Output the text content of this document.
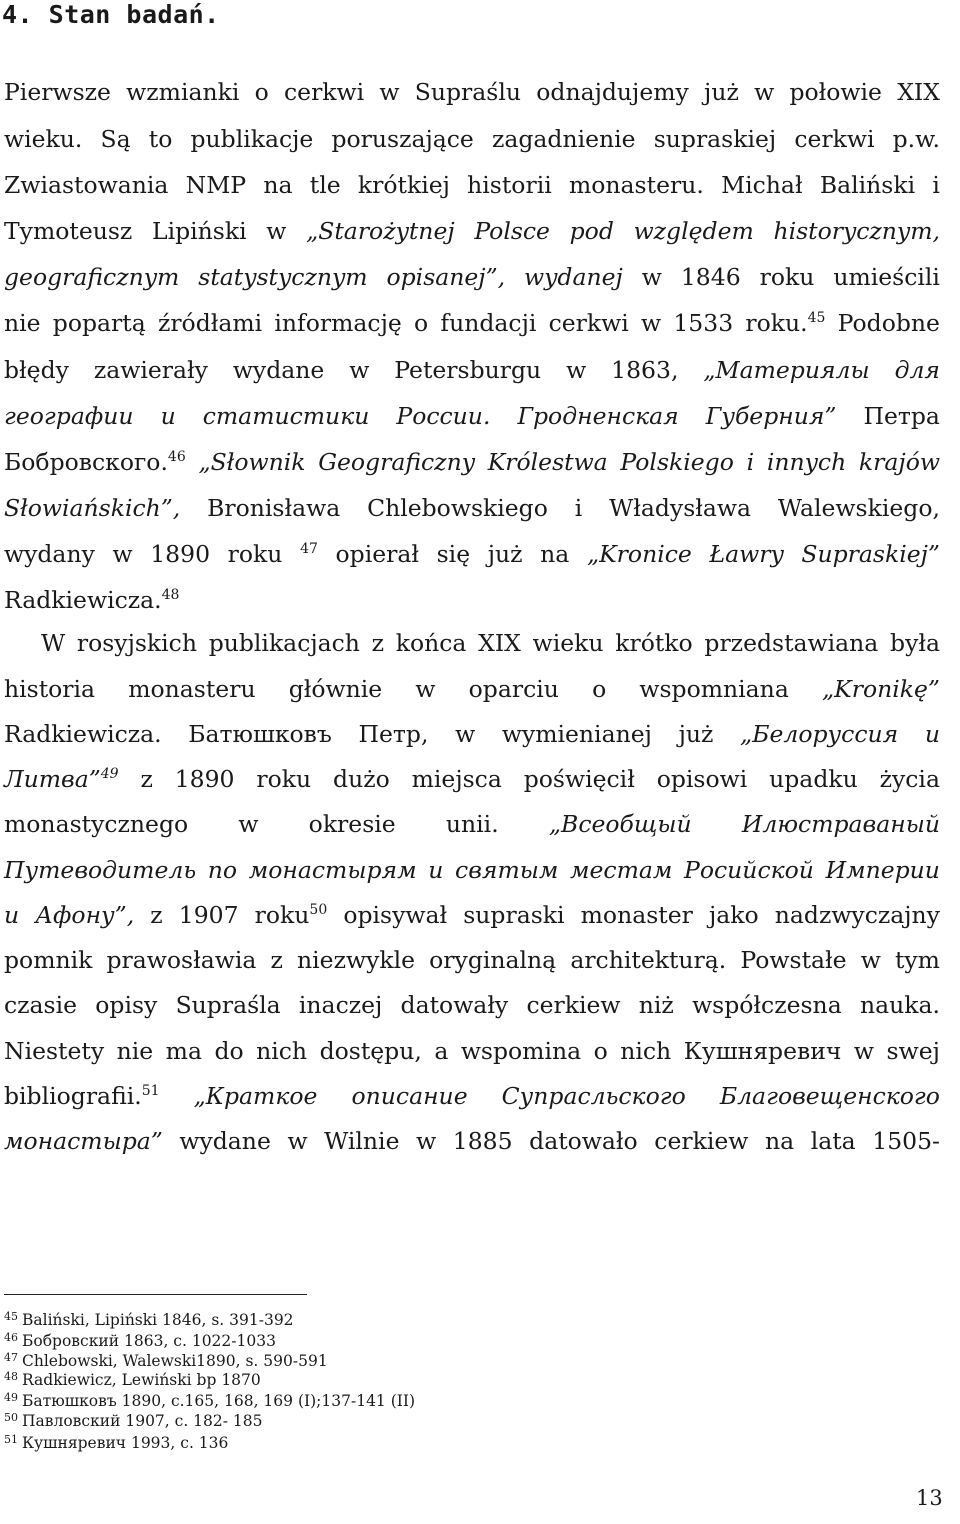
4. Stan badań.
Pierwsze wzmianki o cerkwi w Supraślu odnajdujemy już w połowie XIX
wieku. Są to publikacje poruszające zagadnienie supraskiej cerkwi p.w.
Zwiastowania NMP na tle krótkiej historii monasteru. Michał Baliński i
Tymoteusz Lipiński w „Starożytnej Polsce pod względem historycznym,
geograficznym statystycznym opisanej”, wydanej w 1846 roku umieścili
nie popartą źródłami informację o fundacji cerkwi w 1533 roku.$^{45}$ Podobne
błędy zawierały wydane w Petersburgu w 1863, „Материялы для
географии и статистики России. Гродненская Губерния” Петра
Бобровского.$^{46}$ „Słownik Geograficzny Królestwa Polskiego i innych krajów
Słowiańskich”, Bronisława Chlebowskiego i Władysława Walewskiego,
wydany w 1890 roku $^{47}$ opierał się już na „Kronice Ławry Supraskiej”
Radkiewicza.$^{48}$
W rosyjskich publikacjach z końca XIX wieku krótko przedstawiana była
historia monasteru głównie w oparciu o wspomniana „Kronikę”
Radkiewicza. Батюшковъ Петр, w wymienianej już „Белоруссия и
Литва”$^{49}$ z 1890 roku dużo miejsca poświęcił opisowi upadku życia
monastycznego w okresie unii. „Всеобщый Илюстраваный
Путеводитель по монастырям и святым местам Росийской Империи
и Афону”, z 1907 roku$^{50}$ opisywał supraski monaster jako nadzwyczajny
pomnik prawosławia z niezwykle oryginalną architekturą. Powstałe w tym
czasie opisy Supraśla inaczej datowały cerkiew niż współczesna nauka.
Niestety nie ma do nich dostępu, a wspomina o nich Кушняревич w swej
bibliografii.$^{51}$ „Краткое описание Супрасльского Благовещенского
монастыра” wydane w Wilnie w 1885 datowało cerkiew na lata 1505-
$^{45}$ Baliński, Lipiński 1846, s. 391-392
$^{46}$ Бобровский 1863, с. 1022-1033
$^{47}$ Chlebowski, Walewski1890, s. 590-591
$^{48}$ Radkiewicz, Lewiński bp 1870
$^{49}$ Батюшковъ 1890, c.165, 168, 169 (I);137-141 (II)
$^{50}$ Павловский 1907, с. 182- 185
$^{51}$ Кушняревич 1993, с. 136
13
